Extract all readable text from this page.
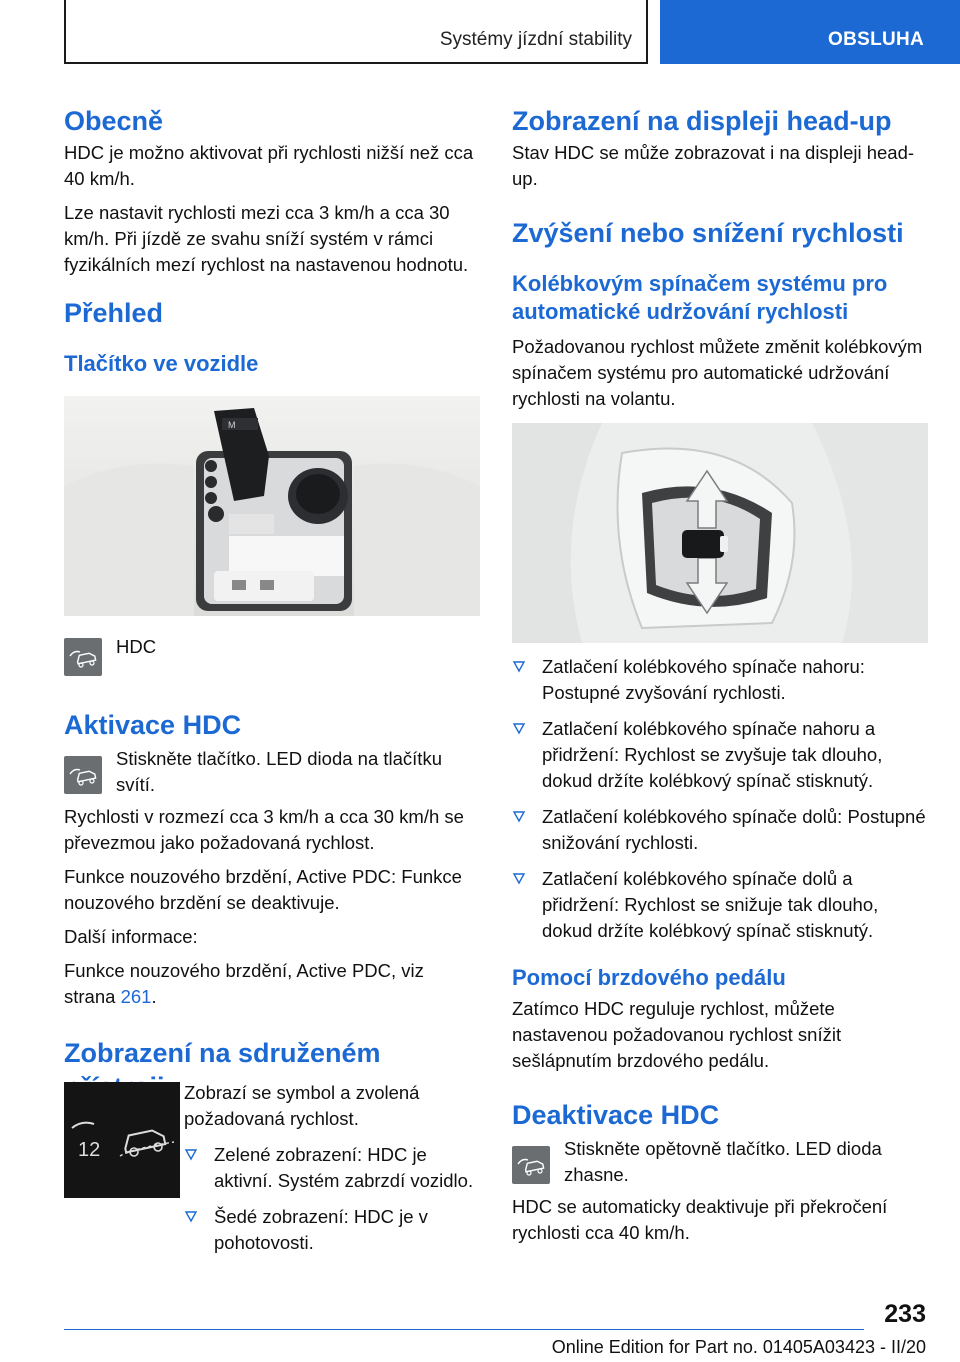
Systémy jízdní stability	OBSLUHA
Obecně

HDC je možno aktivovat při rychlosti nižší než cca 40 km/h.

Lze nastavit rychlosti mezi cca 3 km/h a cca 30 km/h. Při jízdě ze svahu sníží systém v rámci fyzikálních mezí rychlost na nastavenou hodnotu.

Přehled
Tlačítko ve vozidle
M

HDC

Aktivace HDC

Stiskněte tlačítko. LED dioda na tlačítku svítí.

Rychlosti v rozmezí cca 3 km/h a cca 30 km/h se převezmou jako požadovaná rychlost.

Funkce nouzového brzdění, Active PDC: Funkce nouzového brzdění se deaktivuje.

Další informace:

Funkce nouzového brzdění, Active PDC, viz strana 261.

Zobrazení na sdruženém
12

Zobrazí se symbol a zvolená požadovaná rychlost.

Zelené zobrazení: HDC je aktivní. Systém zabrzdí vozidlo.
Šedé zobrazení: HDC je v pohotovosti.
Zobrazení na displeji head-up

Stav HDC se může zobrazovat i na displeji head-up.

Zvýšení nebo snížení rychlosti
Kolébkovým spínačem systému pro automatické udržování rychlosti

Požadovanou rychlost můžete změnit kolébkovým spínačem systému pro automatické udržování rychlosti na volantu.

Zatlačení kolébkového spínače nahoru: Postupné zvyšování rychlosti.
Zatlačení kolébkového spínače nahoru a přidržení: Rychlost se zvyšuje tak dlouho, dokud držíte kolébkový spínač stisknutý.
Zatlačení kolébkového spínače dolů: Postupné snižování rychlosti.
Zatlačení kolébkového spínače dolů a přidržení: Rychlost se snižuje tak dlouho, dokud držíte kolébkový spínač stisknutý.
Pomocí brzdového pedálu

Zatímco HDC reguluje rychlost, můžete nastavenou požadovanou rychlost snížit sešlápnutím brzdového pedálu.

Deaktivace HDC

Stiskněte opětovně tlačítko. LED dioda zhasne.

HDC se automaticky deaktivuje při překročení rychlosti cca 40 km/h.

233
Online Edition for Part no. 01405A03423 - II/20
